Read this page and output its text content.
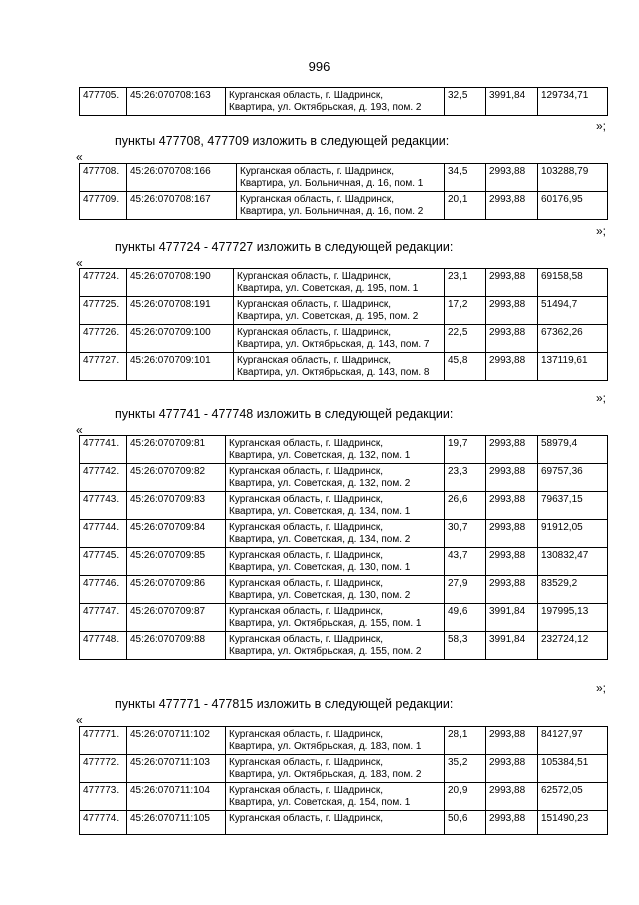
996
477705.	45:26:070708:163	Курганская область, г. Шадринск,
Квартира, ул. Октябрьская, д. 193, пом. 2
	32,5	3991,84	129734,71
»;
пункты 477708, 477709 изложить в следующей редакции:
«
477708.	45:26:070708:166	Курганская область, г. Шадринск,
Квартира, ул. Больничная, д. 16, пом. 1	34,5	2993,88	103288,79
477709.	45:26:070708:167	Курганская область, г. Шадринск,
Квартира, ул. Больничная, д. 16, пом. 2	20,1	2993,88	60176,95
»;
пункты 477724 - 477727 изложить в следующей редакции:
«
477724.	45:26:070708:190	Курганская область, г. Шадринск,
Квартира, ул. Советская, д. 195, пом. 1	23,1	2993,88	69158,58
477725.	45:26:070708:191	Курганская область, г. Шадринск,
Квартира, ул. Советская, д. 195, пом. 2	17,2	2993,88	51494,7
477726.	45:26:070709:100	Курганская область, г. Шадринск,
Квартира, ул. Октябрьская, д. 143, пом. 7	22,5	2993,88	67362,26
477727.	45:26:070709:101	Курганская область, г. Шадринск,
Квартира, ул. Октябрьская, д. 143, пом. 8	45,8	2993,88	137119,61
»;
пункты 477741 - 477748 изложить в следующей редакции:
«
477741.	45:26:070709:81	Курганская область, г. Шадринск,
Квартира, ул. Советская, д. 132, пом. 1	19,7	2993,88	58979,4
477742.	45:26:070709:82	Курганская область, г. Шадринск,
Квартира, ул. Советская, д. 132, пом. 2	23,3	2993,88	69757,36
477743.	45:26:070709:83	Курганская область, г. Шадринск,
Квартира, ул. Советская, д. 134, пом. 1	26,6	2993,88	79637,15
477744.	45:26:070709:84	Курганская область, г. Шадринск,
Квартира, ул. Советская, д. 134, пом. 2	30,7	2993,88	91912,05
477745.	45:26:070709:85	Курганская область, г. Шадринск,
Квартира, ул. Советская, д. 130, пом. 1	43,7	2993,88	130832,47
477746.	45:26:070709:86	Курганская область, г. Шадринск,
Квартира, ул. Советская, д. 130, пом. 2	27,9	2993,88	83529,2
477747.	45:26:070709:87	Курганская область, г. Шадринск,
Квартира, ул. Октябрьская, д. 155, пом. 1	49,6	3991,84	197995,13
477748.	45:26:070709:88	Курганская область, г. Шадринск,
Квартира, ул. Октябрьская, д. 155, пом. 2	58,3	3991,84	232724,12
»;
пункты 477771 - 477815 изложить в следующей редакции:
«
477771.	45:26:070711:102	Курганская область, г. Шадринск,
Квартира, ул. Октябрьская, д. 183, пом. 1	28,1	2993,88	84127,97
477772.	45:26:070711:103	Курганская область, г. Шадринск,
Квартира, ул. Октябрьская, д. 183, пом. 2	35,2	2993,88	105384,51
477773.	45:26:070711:104	Курганская область, г. Шадринск,
Квартира, ул. Советская, д. 154, пом. 1	20,9	2993,88	62572,05
477774.	45:26:070711:105	Курганская область, г. Шадринск,	50,6	2993,88	151490,23
